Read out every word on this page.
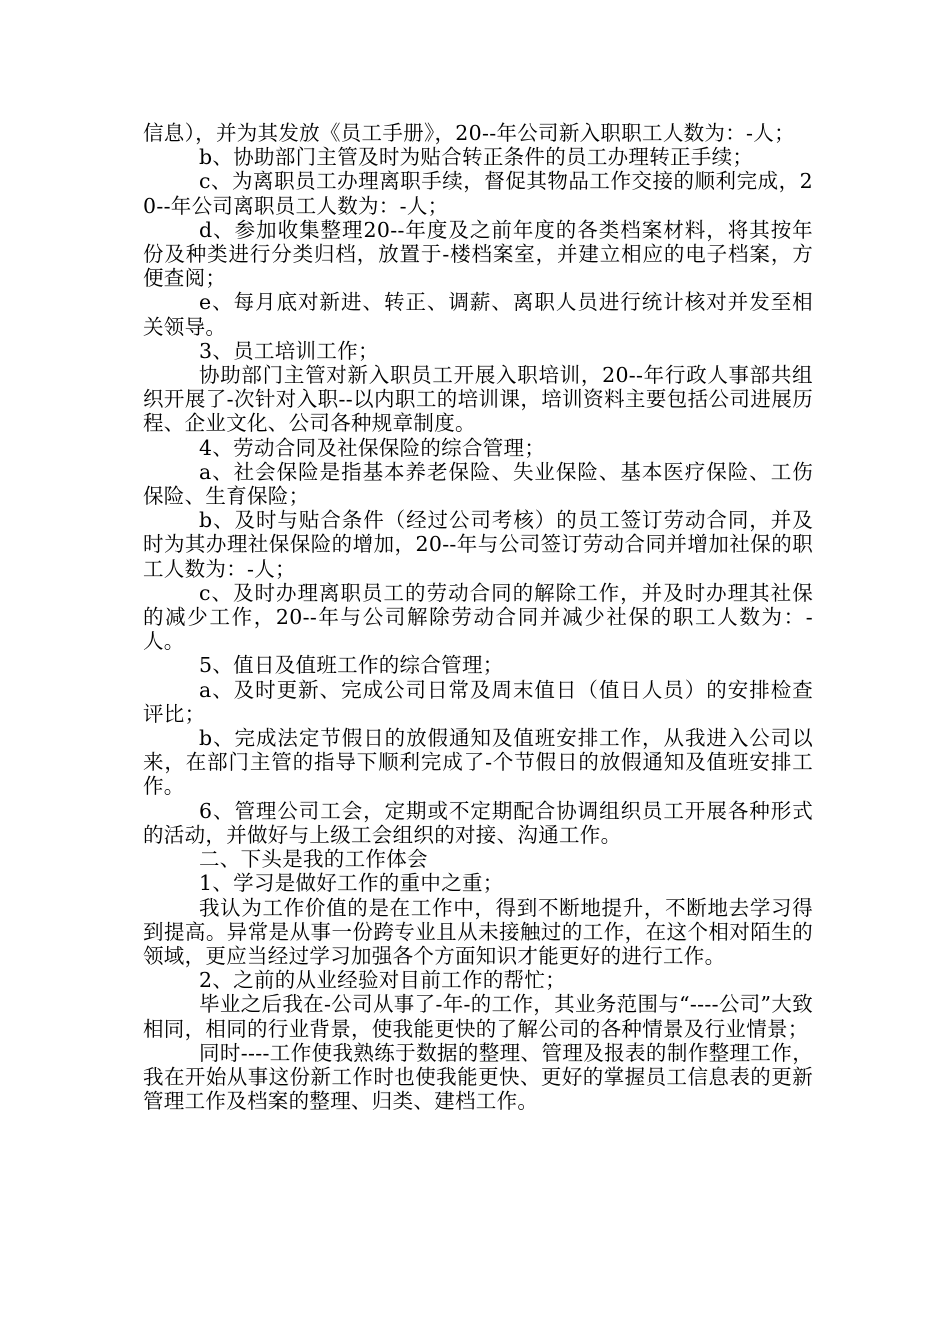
信息），并为其发放《员工手册》，20--年公司新入职职工人数为：-人；

b、协助部门主管及时为贴合转正条件的员工办理转正手续；

c、为离职员工办理离职手续，督促其物品工作交接的顺利完成，20--年公司离职员工人数为：-人；

d、参加收集整理20--年度及之前年度的各类档案材料，将其按年份及种类进行分类归档，放置于-楼档案室，并建立相应的电子档案，方便查阅；

e、每月底对新进、转正、调薪、离职人员进行统计核对并发至相关领导。

3、员工培训工作；

协助部门主管对新入职员工开展入职培训，20--年行政人事部共组织开展了-次针对入职--以内职工的培训课，培训资料主要包括公司进展历程、企业文化、公司各种规章制度。

4、劳动合同及社保保险的综合管理；

a、社会保险是指基本养老保险、失业保险、基本医疗保险、工伤保险、生育保险；

b、及时与贴合条件（经过公司考核）的员工签订劳动合同，并及时为其办理社保保险的增加，20--年与公司签订劳动合同并增加社保的职工人数为：-人；

c、及时办理离职员工的劳动合同的解除工作，并及时办理其社保的减少工作，20--年与公司解除劳动合同并减少社保的职工人数为：-人。

5、值日及值班工作的综合管理；

a、及时更新、完成公司日常及周末值日（值日人员）的安排检查评比；

b、完成法定节假日的放假通知及值班安排工作，从我进入公司以来，在部门主管的指导下顺利完成了-个节假日的放假通知及值班安排工作。

6、管理公司工会，定期或不定期配合协调组织员工开展各种形式的活动，并做好与上级工会组织的对接、沟通工作。

二、下头是我的工作体会

1、学习是做好工作的重中之重；

我认为工作价值的是在工作中，得到不断地提升，不断地去学习得到提高。异常是从事一份跨专业且从未接触过的工作，在这个相对陌生的领域，更应当经过学习加强各个方面知识才能更好的进行工作。

2、之前的从业经验对目前工作的帮忙；

毕业之后我在-公司从事了-年-的工作，其业务范围与“----公司”大致相同，相同的行业背景，使我能更快的了解公司的各种情景及行业情景；

同时----工作使我熟练于数据的整理、管理及报表的制作整理工作，我在开始从事这份新工作时也使我能更快、更好的掌握员工信息表的更新管理工作及档案的整理、归类、建档工作。
